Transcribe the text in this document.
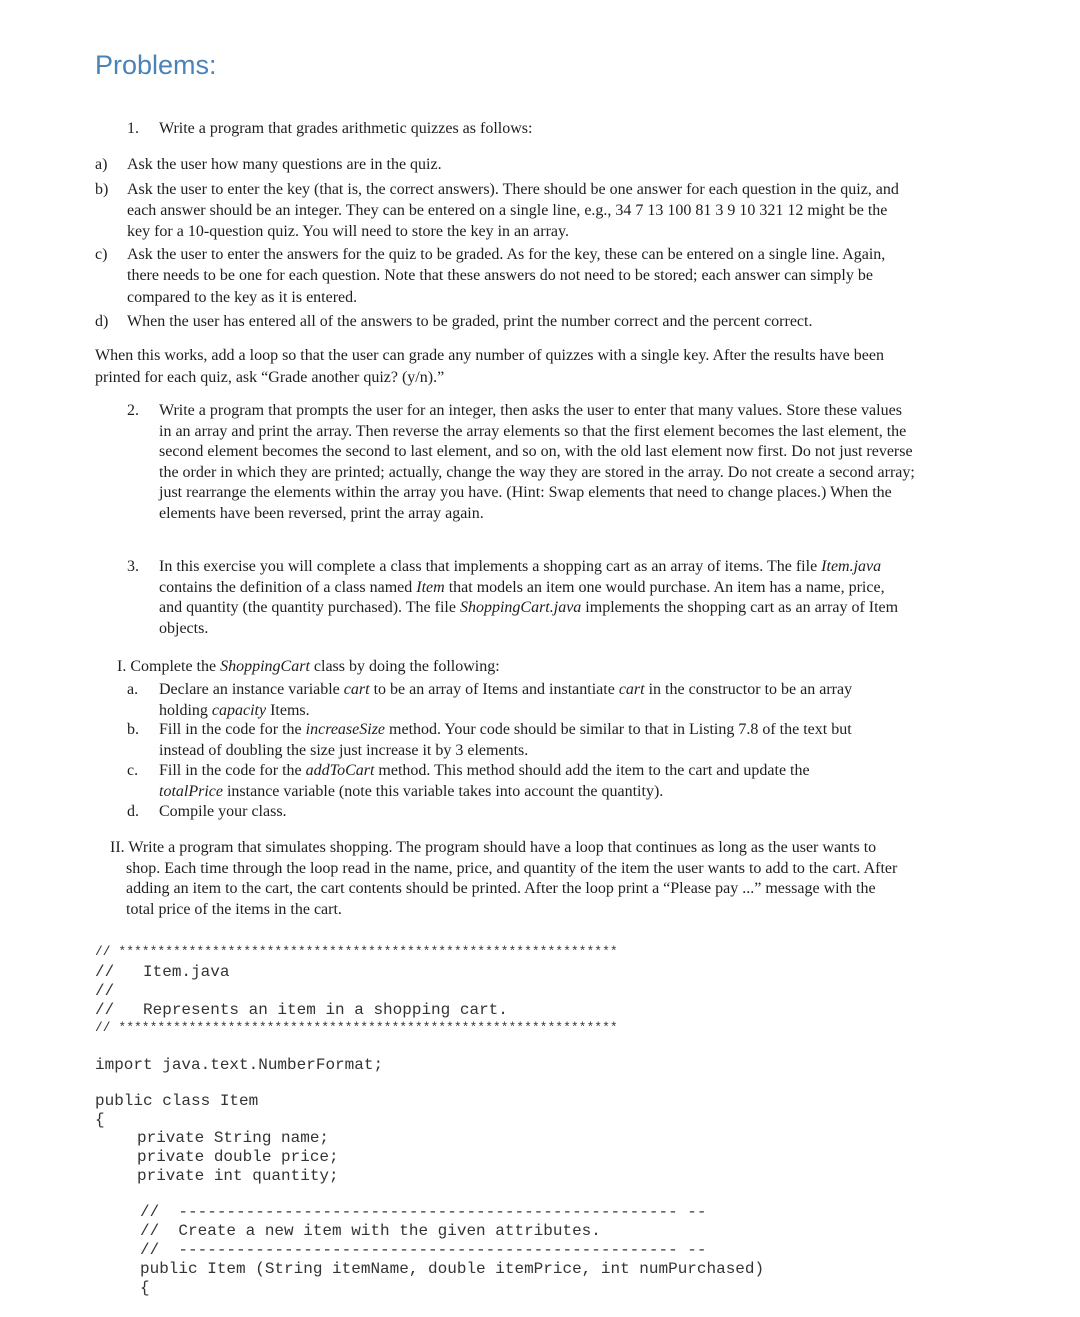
Problems:
1. Write a program that grades arithmetic quizzes as follows:
a) Ask the user how many questions are in the quiz.
b) Ask the user to enter the key (that is, the correct answers). There should be one answer for each question in the quiz, and
each answer should be an integer. They can be entered on a single line, e.g., 34 7 13 100 81 3 9 10 321 12 might be the
key for a 10-question quiz. You will need to store the key in an array.
c) Ask the user to enter the answers for the quiz to be graded. As for the key, these can be entered on a single line. Again,
there needs to be one for each question. Note that these answers do not need to be stored; each answer can simply be
compared to the key as it is entered.
d) When the user has entered all of the answers to be graded, print the number correct and the percent correct.
When this works, add a loop so that the user can grade any number of quizzes with a single key. After the results have been
printed for each quiz, ask “Grade another quiz? (y/n).”
2. Write a program that prompts the user for an integer, then asks the user to enter that many values. Store these values
in an array and print the array. Then reverse the array elements so that the first element becomes the last element, the
second element becomes the second to last element, and so on, with the old last element now first. Do not just reverse
the order in which they are printed; actually, change the way they are stored in the array. Do not create a second array;
just rearrange the elements within the array you have. (Hint: Swap elements that need to change places.) When the
elements have been reversed, print the array again.
3. In this exercise you will complete a class that implements a shopping cart as an array of items. The file Item.java
contains the definition of a class named Item that models an item one would purchase. An item has a name, price,
and quantity (the quantity purchased). The file ShoppingCart.java implements the shopping cart as an array of Item
objects.
I. Complete the ShoppingCart class by doing the following:
a. Declare an instance variable cart to be an array of Items and instantiate cart in the constructor to be an array
holding capacity Items.
b. Fill in the code for the increaseSize method. Your code should be similar to that in Listing 7.8 of the text but
instead of doubling the size just increase it by 3 elements.
c. Fill in the code for the addToCart method. This method should add the item to the cart and update the
totalPrice instance variable (note this variable takes into account the quantity).
d. Compile your class.
II. Write a program that simulates shopping. The program should have a loop that continues as long as the user wants to
shop. Each time through the loop read in the name, price, and quantity of the item the user wants to add to the cart. After
adding an item to the cart, the cart contents should be printed. After the loop print a “Please pay ...” message with the
total price of the items in the cart.
// ****************************************************************
//   Item.java
//
//   Represents an item in a shopping cart.
// ****************************************************************
import java.text.NumberFormat;
public class Item
{
private String name;
private double price;
private int quantity;
//  ---------------------------------------------------- --
//  Create a new item with the given attributes.
//  ---------------------------------------------------- --
public Item (String itemName, double itemPrice, int numPurchased)
{
